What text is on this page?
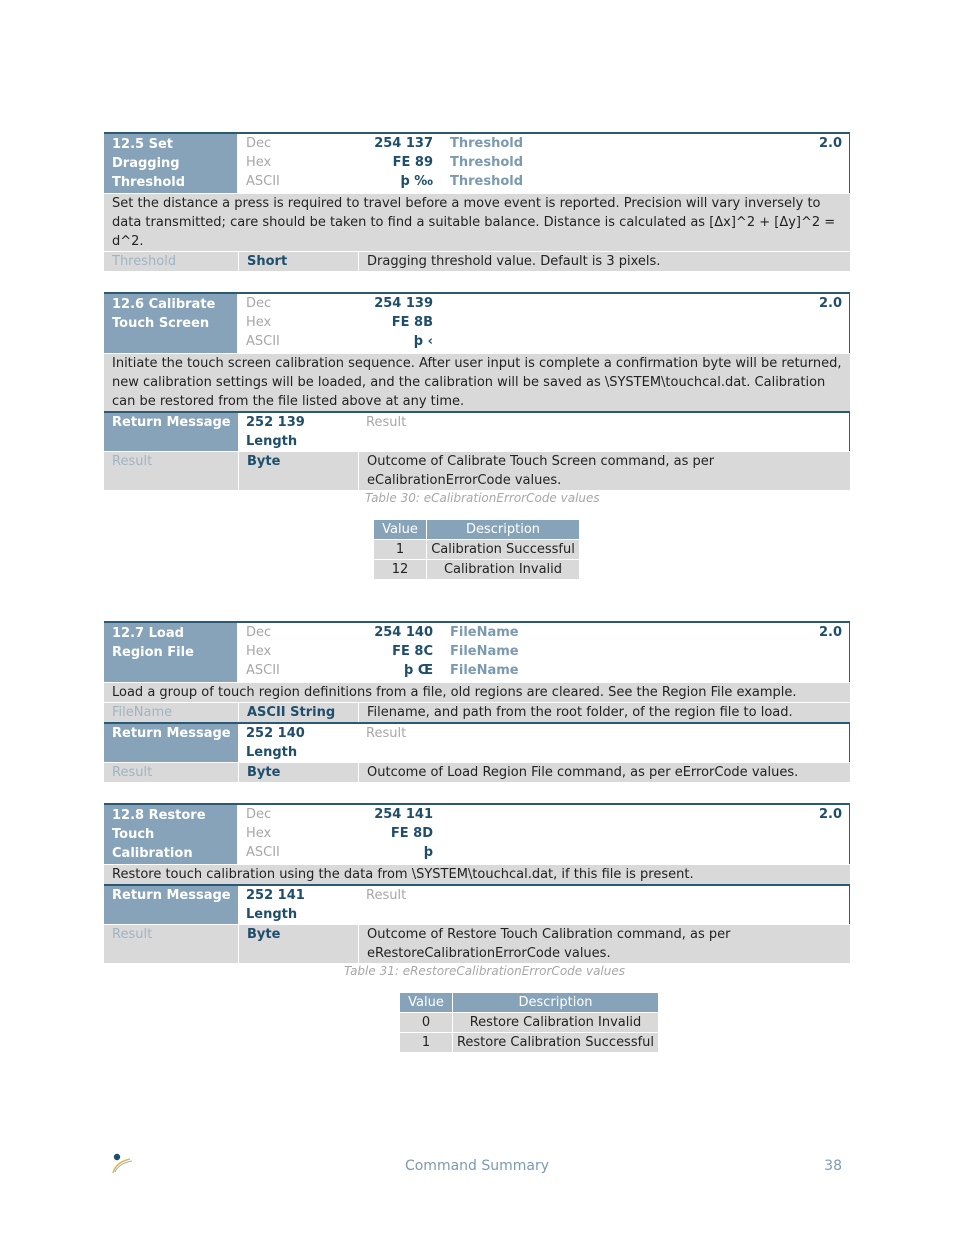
12.5 Set Dragging Threshold
Dec	254 137 Threshold	2.0
Hex	FE 89 Threshold
ASCII	þ ‰ Threshold
Set the distance a press is required to travel before a move event is reported. Precision will vary inversely to data transmitted; care should be taken to find a suitable balance. Distance is calculated as [Δx]^2 + [Δy]^2 = d^2.
Threshold	Short	Dragging threshold value. Default is 3 pixels.
12.6 Calibrate Touch Screen
Dec	254 139	2.0
Hex	FE 8B
ASCII	þ ‹
Initiate the touch screen calibration sequence. After user input is complete a confirmation byte will be returned, new calibration settings will be loaded, and the calibration will be saved as \SYSTEM\touchcal.dat. Calibration can be restored from the file listed above at any time.
Return Message	252 139 Length
Result
Result	Byte	Outcome of Calibrate Touch Screen command, as per eCalibrationErrorCode values.
Table 30: eCalibrationErrorCode values
Value	Description
1	Calibration Successful
12	Calibration Invalid
12.7 Load Region File
Dec	254 140 FileName	2.0
Hex	FE 8C FileName
ASCII	þ Œ FileName
Load a group of touch region definitions from a file, old regions are cleared. See the Region File example.
FileName	ASCII String	Filename, and path from the root folder, of the region file to load.
Return Message	252 140 Length
Result
Result	Byte	Outcome of Load Region File command, as per eErrorCode values.
12.8 Restore Touch Calibration
Dec	254 141	2.0
Hex	FE 8D
ASCII	þ
Restore touch calibration using the data from \SYSTEM\touchcal.dat, if this file is present.
Return Message	252 141 Length
Result
Result	Byte	Outcome of Restore Touch Calibration command, as per eRestoreCalibrationErrorCode values.
Table 31: eRestoreCalibrationErrorCode values
Value	Description
0	Restore Calibration Invalid
1	Restore Calibration Successful
Command Summary	38
